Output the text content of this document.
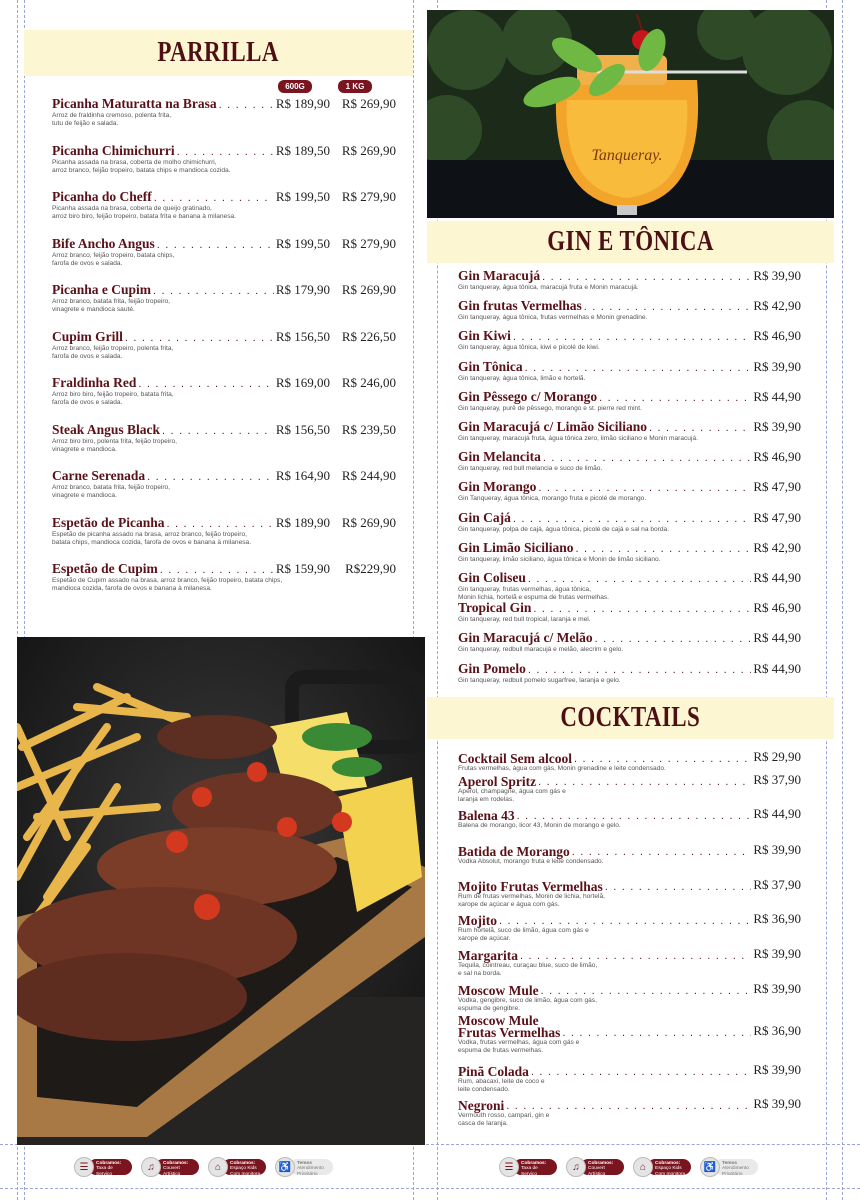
PARRILLA
600G	1 KG
Picanha Maturatta na Brasa . . .	R$ 189,90 R$ 269,90
Arroz de fraldinha cremoso, polenta frita,
tutu de feijão e salada.
Picanha Chimichurri . . .	R$ 189,50 R$ 269,90
Picanha assada na brasa, coberta de molho chimichurri,
arroz branco, feijão tropeiro, batata chips e mandioca cozida.
Picanha do Cheff . . .	R$ 199,50 R$ 279,90
Picanha assada na brasa, coberta de queijo gratinado,
arroz biro biro, feijão tropeiro, batata frita e banana à milanesa.
Bife Ancho Angus . . .	R$ 199,50 R$ 279,90
Arroz branco, feijão tropeiro, batata chips,
farofa de ovos e salada.
Picanha e Cupim . . .	R$ 179,90 R$ 269,90
Arroz branco, batata frita, feijão tropeiro,
vinagrete e mandioca sauté.
Cupim Grill . . .	R$ 156,50 R$ 226,50
Arroz branco, feijão tropeiro, polenta frita,
farofa de ovos e salada.
Fraldinha Red . . .	R$ 169,00 R$ 246,00
Arroz biro biro, feijão tropeiro, batata frita,
farofa de ovos e salada.
Steak Angus Black . . .	R$ 156,50 R$ 239,50
Arroz biro biro, polenta frita, feijão tropeiro,
vinagrete e mandioca.
Carne Serenada . . .	R$ 164,90 R$ 244,90
Arroz branco, batata frita, feijão tropeiro,
vinagrete e mandioca.
Espetão de Picanha . . .	R$ 189,90 R$ 269,90
Espetão de picanha assado na brasa, arroz branco, feijão tropeiro,
batata chips, mandioca cozida, farofa de ovos e banana à milanesa.
Espetão de Cupim . . .	R$ 159,90	R$229,90
Espetão de Cupim assado na brasa, arroz branco, feijão tropeiro, batata chips,
mandioca cozida, farofa de ovos e banana à milanesa.
Tanqueray.
GIN E TÔNICA
Gin Maracujá . . .	R$ 39,90
Gin tanqueray, água tônica, maracujá fruta e Monin maracujá.
Gin frutas Vermelhas . . .	R$ 42,90
Gin tanqueray, água tônica, frutas vermelhas e Monin grenadine.
Gin Kiwi . . .	R$ 46,90
Gin tanqueray, água tônica, kiwi e picolé de kiwi.
Gin Tônica . . .	R$ 39,90
Gin tanqueray, água tônica, limão e hortelã.
Gin Pêssego c/ Morango . . .	R$ 44,90
Gin tanqueray, purê de pêssego, morango e st. pierre red mint.
Gin Maracujá c/ Limão Siciliano . . .	R$ 39,90
Gin tanqueray, maracujá fruta, água tônica zero, limão siciliano e Monin maracujá.
Gin Melancita . . .	R$ 46,90
Gin tanqueray, red bull melancia e suco de limão.
Gin Morango . . .	R$ 47,90
Gin Tanqueray, água tônica, morango fruta e picolé de morango.
Gin Cajá . . .	R$ 47,90
Gin tanqueray, polpa de cajá, água tônica, picolé de cajá e sal na borda.
Gin Limão Siciliano . . .	R$ 42,90
Gin tanqueray, limão siciliano, água tônica e Monin de limão siciliano.
Gin Coliseu . . .	R$ 44,90
Gin tanqueray, frutas vermelhas, água tônica,
Monin lichia, hortelã e espuma de frutas vermelhas.
Tropical Gin . . .	R$ 46,90
Gin tanqueray, red bull tropical, laranja e mel.
Gin Maracujá c/ Melão . . .	R$ 44,90
Gin tanqueray, redbull maracujá e melão, alecrim e gelo.
Gin Pomelo . . .	R$ 44,90
Gin tanqueray, redbull pomelo sugarfree, laranja e gelo.
COCKTAILS
Cocktail Sem alcool . . .	R$ 29,90
Frutas vermelhas, água com gás, Monin grenadine e leite condensado.
Aperol Spritz . . .	R$ 37,90
Aperol, champagne, água com gás e
laranja em rodelas.
Balena 43 . . .	R$ 44,90
Balena de morango, licor 43, Monin de morango e gelo.
Batida de Morango . . .	R$ 39,90
Vodka Absolut, morango fruta e leite condensado.
Mojito Frutas Vermelhas . . .	R$ 37,90
Rum de frutas vermelhas, Monin de lichia, hortelã,
xarope de açúcar e água com gás.
Mojito . . .	R$ 36,90
Rum hortelã, suco de limão, água com gás e
xarope de açúcar.
Margarita . . .	R$ 39,90
Tequila, cointreau, curaçau blue, suco de limão,
e sal na borda.
Moscow Mule . . .	R$ 39,90
Vodka, gengibre, suco de limão, água com gás,
espuma de gengibre.
Moscow Mule
Frutas Vermelhas . . .	R$ 36,90
Vodka, frutas vermelhas, água com gás e
espuma de frutas vermelhas.
Pinã Colada . . .	R$ 39,90
Rum, abacaxi, leite de coco e
leite condensado.
Negroni . . .	R$ 39,90
Vermouth rosso, campari, gin e
casca de laranja.
☰	Cobramos:
Taxa de Serviço
10% opcional
♫	Cobramos:
Couvert
Artístico
⌂	Cobramos:
Espaço Kids
Com monitora
♿	Temos
Atendimento
Prioritário
☰	Cobramos:
Taxa de Serviço
10% opcional
♫	Cobramos:
Couvert
Artístico
⌂	Cobramos:
Espaço Kids
Com monitora
♿	Temos
Atendimento
Prioritário
